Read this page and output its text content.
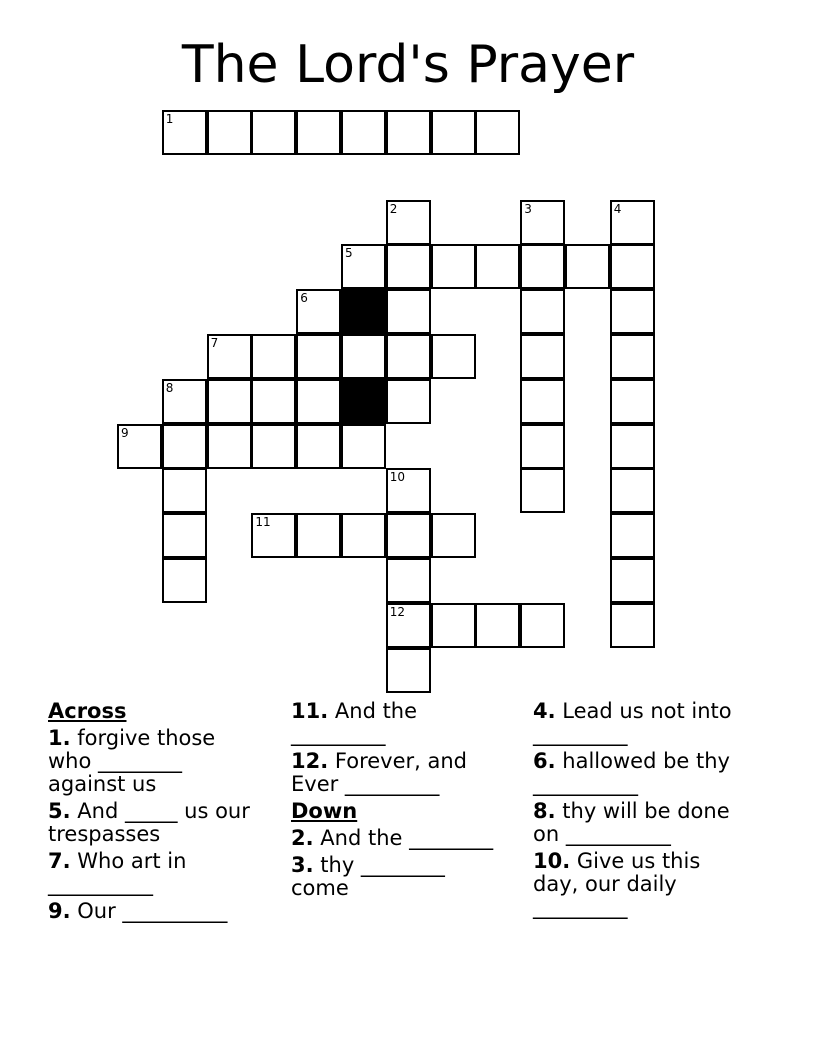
The Lord's Prayer
1
2	3	4
5
6
7
8
9
10
11
12
Across
1. forgive those who ________ against us
5. And _____ us our trespasses
7. Who art in __________
9. Our __________
11. And the _________
12. Forever, and Ever _________
Down
2. And the ________
3. thy ________ come
4. Lead us not into _________
6. hallowed be thy __________
8. thy will be done on __________
10. Give us this day, our daily _________
